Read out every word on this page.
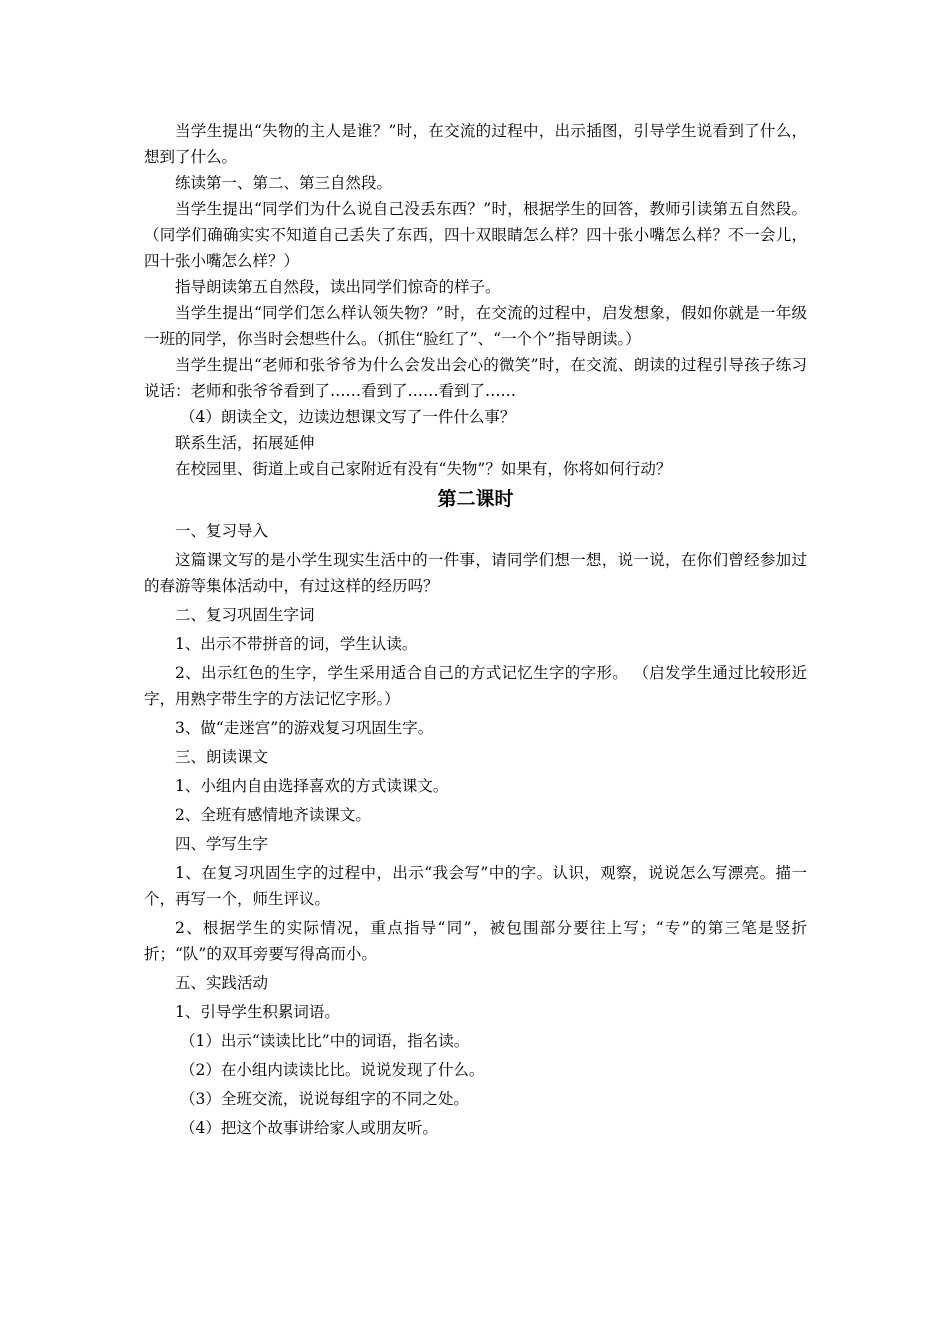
当学生提出“失物的主人是谁？”时，在交流的过程中，出示插图，引导学生说看到了什么，想到了什么。

练读第一、第二、第三自然段。

当学生提出“同学们为什么说自己没丢东西？”时，根据学生的回答，教师引读第五自然段。（同学们确确实实不知道自己丢失了东西，四十双眼睛怎么样？四十张小嘴怎么样？不一会儿，四十张小嘴怎么样？）

指导朗读第五自然段，读出同学们惊奇的样子。

当学生提出“同学们怎么样认领失物？”时，在交流的过程中，启发想象，假如你就是一年级一班的同学，你当时会想些什么。（抓住“脸红了”、“一个个”指导朗读。）

当学生提出“老师和张爷爷为什么会发出会心的微笑”时，在交流、朗读的过程引导孩子练习说话：老师和张爷爷看到了……看到了……看到了……

（4）朗读全文，边读边想课文写了一件什么事？

联系生活，拓展延伸

在校园里、街道上或自己家附近有没有“失物”？如果有，你将如何行动？

第二课时

一、复习导入

这篇课文写的是小学生现实生活中的一件事，请同学们想一想，说一说，在你们曾经参加过的春游等集体活动中，有过这样的经历吗？

二、复习巩固生字词

1、出示不带拼音的词，学生认读。

2、出示红色的生字，学生采用适合自己的方式记忆生字的字形。 （启发学生通过比较形近字，用熟字带生字的方法记忆字形。）

3、做“走迷宫”的游戏复习巩固生字。

三、朗读课文

1、小组内自由选择喜欢的方式读课文。

2、全班有感情地齐读课文。

四、学写生字

1、在复习巩固生字的过程中，出示“我会写”中的字。认识，观察，说说怎么写漂亮。描一个，再写一个，师生评议。

2、根据学生的实际情况，重点指导“同”，被包围部分要往上写；“专”的第三笔是竖折折；“队”的双耳旁要写得高而小。

五、实践活动

1、引导学生积累词语。

（1）出示“读读比比”中的词语，指名读。

（2）在小组内读读比比。说说发现了什么。

（3）全班交流，说说每组字的不同之处。

（4）把这个故事讲给家人或朋友听。
